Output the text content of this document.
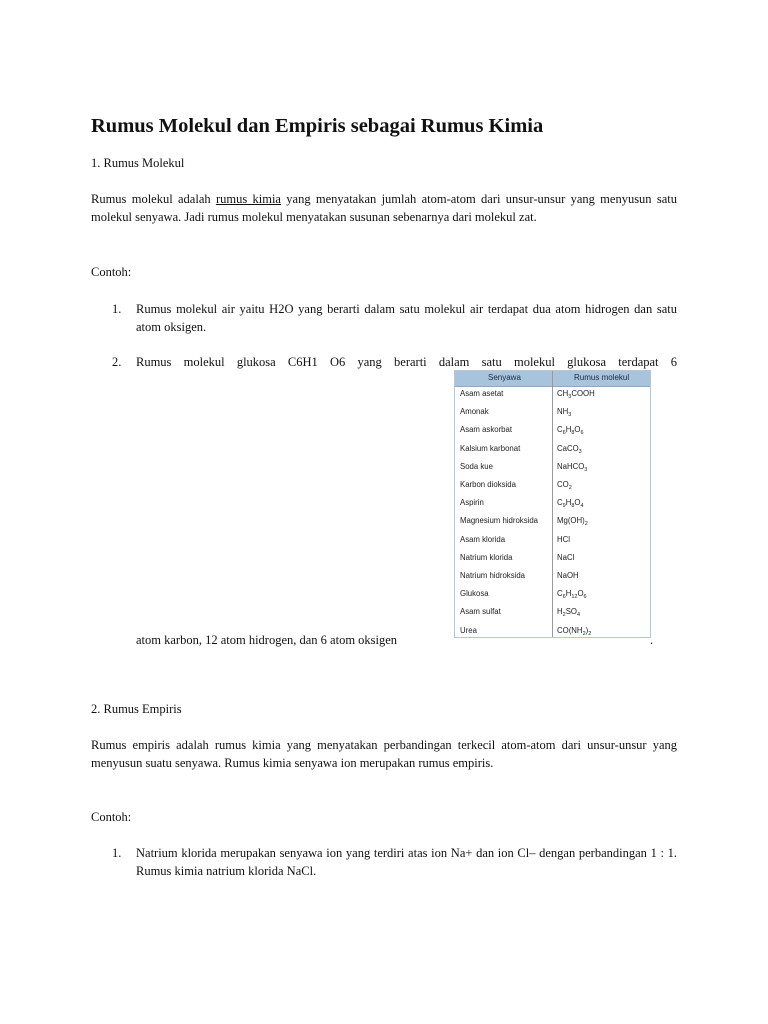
Rumus Molekul dan Empiris sebagai Rumus Kimia

1. Rumus Molekul

Rumus molekul adalah rumus kimia yang menyatakan jumlah atom-atom dari unsur-unsur yang menyusun satu molekul senyawa. Jadi rumus molekul menyatakan susunan sebenarnya dari molekul zat.

Contoh:

1. Rumus molekul air yaitu H2O yang berarti dalam satu molekul air terdapat dua atom hidrogen dan satu atom oksigen.

2. Rumus molekul glukosa C6H1 O6 yang berarti dalam satu molekul glukosa terdapat 6

Senyawa	Rumus molekul
Asam asetat	$CH_3COOH$
Amonak	$NH_3$
Asam askorbat	$C_6H_8O_6$
Kalsium karbonat	CaCO$_3$
Soda kue	NaHCO$_3$
Karbon dioksida	$CO_2$
Aspirin	$C_9H_8O_4$
Magnesium hidroksida $Mg(OH)_2$
Asam klorida	HCl
Natrium klorida	NaCl
Natrium hidroksida	NaOH
Glukosa	$C_6H_{12}O_6$
Asam sulfat	$H_2SO_4$
Urea	$CO(NH_2)_2$

atom karbon, 12 atom hidrogen, dan 6 atom oksigen	.

2. Rumus Empiris

Rumus empiris adalah rumus kimia yang menyatakan perbandingan terkecil atom-atom dari unsur-unsur yang menyusun suatu senyawa. Rumus kimia senyawa ion merupakan rumus empiris.

Contoh:

1. Natrium klorida merupakan senyawa ion yang terdiri atas ion Na+ dan ion Cl– dengan perbandingan 1 : 1. Rumus kimia natrium klorida NaCl.
